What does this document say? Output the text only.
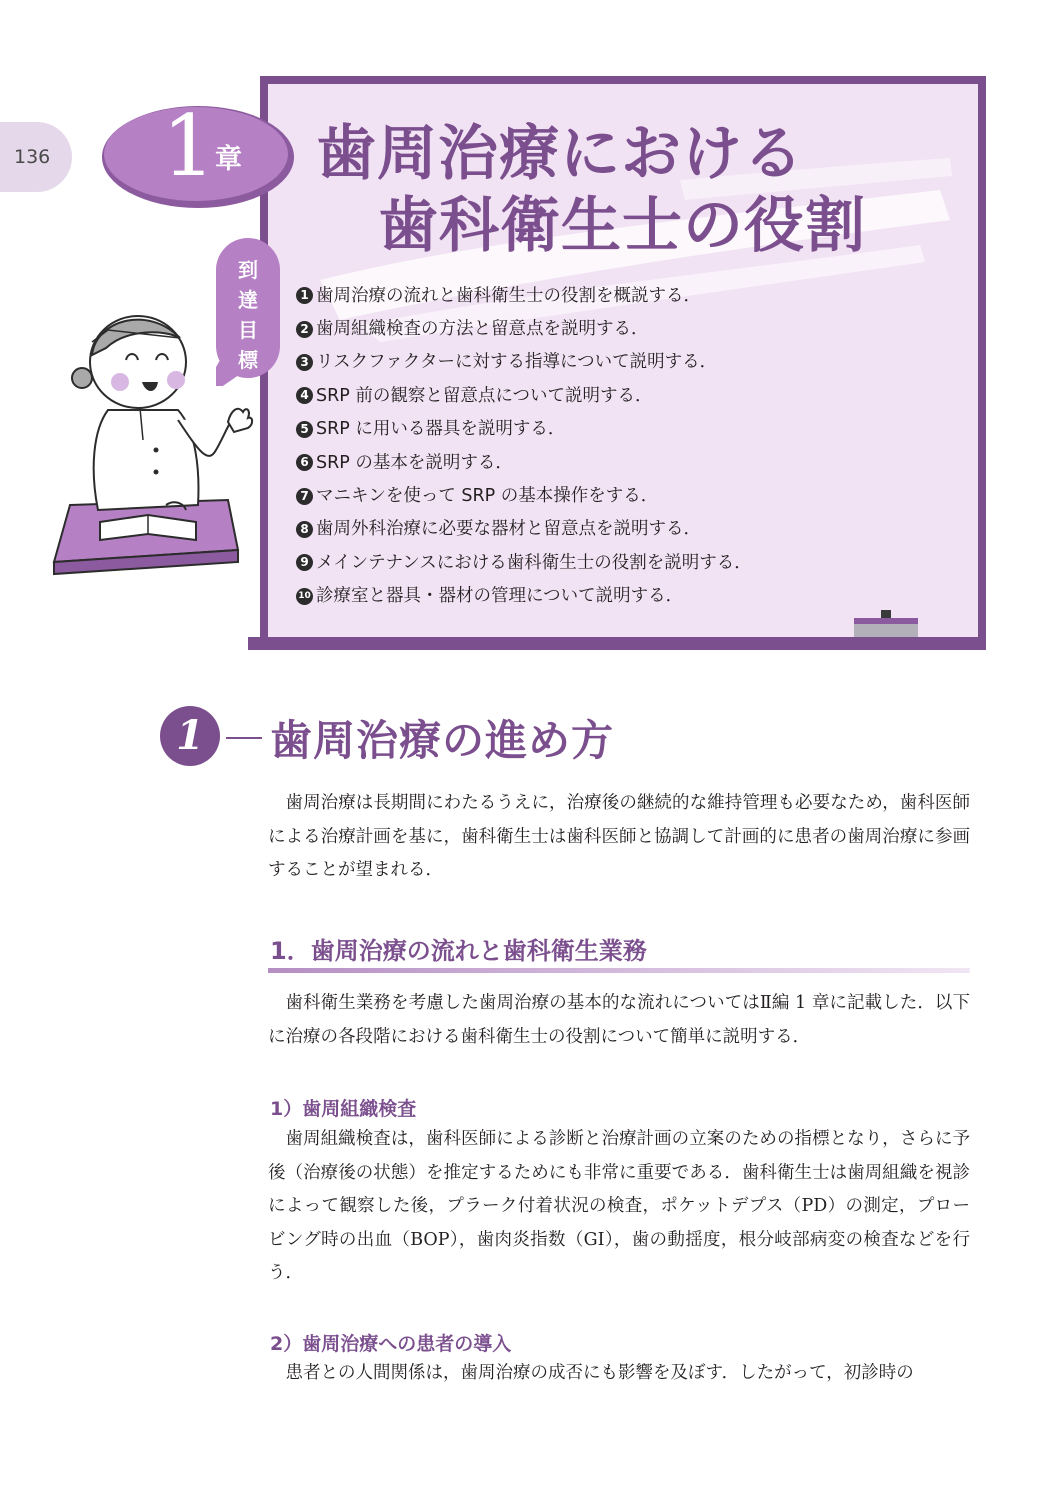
136 1 章 歯周治療における
歯科衛生士の役割
到
達
目
標
1 歯周治療の流れと歯科衛生士の役割を概説する．
2 歯周組織検査の方法と留意点を説明する．
3 リスクファクターに対する指導について説明する．
4 SRP 前の観察と留意点について説明する．
5 SRP に用いる器具を説明する．
6 SRP の基本を説明する．
7 マニキンを使って SRP の基本操作をする．
8 歯周外科治療に必要な器材と留意点を説明する．
9 メインテナンスにおける歯科衛生士の役割を説明する．
10 診療室と器具・器材の管理について説明する．
1	歯周治療の進め方

歯周治療は長期間にわたるうえに，治療後の継続的な維持管理も必要なため，歯科医師による治療計画を基に，歯科衛生士は歯科医師と協調して計画的に患者の歯周治療に参画することが望まれる．

1．歯周治療の流れと歯科衛生業務

歯科衛生業務を考慮した歯周治療の基本的な流れについてはⅡ編 1 章に記載した．以下に治療の各段階における歯科衛生士の役割について簡単に説明する．

1）歯周組織検査

歯周組織検査は，歯科医師による診断と治療計画の立案のための指標となり，さらに予後（治療後の状態）を推定するためにも非常に重要である．歯科衛生士は歯周組織を視診によって観察した後，プラーク付着状況の検査，ポケットデプス（PD）の測定，プロービング時の出血（BOP），歯肉炎指数（GI），歯の動揺度，根分岐部病変の検査などを行う．

2）歯周治療への患者の導入

患者との人間関係は，歯周治療の成否にも影響を及ぼす．したがって，初診時の
